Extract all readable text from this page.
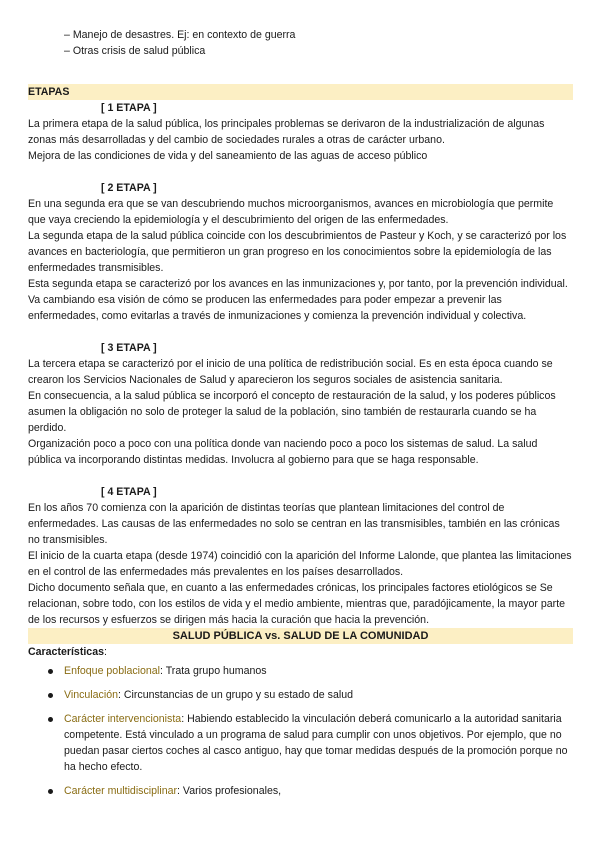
– Manejo de desastres. Ej: en contexto de guerra
– Otras crisis de salud pública
ETAPAS
[ 1 ETAPA ]

La primera etapa de la salud pública, los principales problemas se derivaron de la industrialización de algunas zonas más desarrolladas y del cambio de sociedades rurales a otras de carácter urbano.

Mejora de las condiciones de vida y del saneamiento de las aguas de acceso público

[ 2 ETAPA ]

En una segunda era que se van descubriendo muchos microorganismos, avances en microbiología que permite que vaya creciendo la epidemiología y el descubrimiento del origen de las enfermedades.

La segunda etapa de la salud pública coincide con los descubrimientos de Pasteur y Koch, y se caracterizó por los avances en bacteriología, que permitieron un gran progreso en los conocimientos sobre la epidemiología de las enfermedades transmisibles.

Esta segunda etapa se caracterizó por los avances en las inmunizaciones y, por tanto, por la prevención individual.

Va cambiando esa visión de cómo se producen las enfermedades para poder empezar a prevenir las enfermedades, como evitarlas a través de inmunizaciones y comienza la prevención individual y colectiva.

[ 3 ETAPA ]

La tercera etapa se caracterizó por el inicio de una política de redistribución social. Es en esta época cuando se crearon los Servicios Nacionales de Salud y aparecieron los seguros sociales de asistencia sanitaria.

En consecuencia, a la salud pública se incorporó el concepto de restauración de la salud, y los poderes públicos asumen la obligación no solo de proteger la salud de la población, sino también de restaurarla cuando se ha perdido.

Organización poco a poco con una política donde van naciendo poco a poco los sistemas de salud. La salud pública va incorporando distintas medidas. Involucra al gobierno para que se haga responsable.

[ 4 ETAPA ]

En los años 70 comienza con la aparición de distintas teorías que plantean limitaciones del control de enfermedades. Las causas de las enfermedades no solo se centran en las transmisibles, también en las crónicas no transmisibles.

El inicio de la cuarta etapa (desde 1974) coincidió con la aparición del Informe Lalonde, que plantea las limitaciones en el control de las enfermedades más prevalentes en los países desarrollados.

Dicho documento señala que, en cuanto a las enfermedades crónicas, los principales factores etiológicos se Se relacionan, sobre todo, con los estilos de vida y el medio ambiente, mientras que, paradójicamente, la mayor parte de los recursos y esfuerzos se dirigen más hacia la curación que hacia la prevención.

SALUD PÚBLICA vs. SALUD DE LA COMUNIDAD
Características:
Enfoque poblacional: Trata grupo humanos
Vinculación: Circunstancias de un grupo y su estado de salud
Carácter intervencionista: Habiendo establecido la vinculación deberá comunicarlo a la autoridad sanitaria competente. Está vinculado a un programa de salud para cumplir con unos objetivos. Por ejemplo, que no puedan pasar ciertos coches al casco antiguo, hay que tomar medidas después de la promoción porque no ha hecho efecto.
Carácter multidisciplinar: Varios profesionales,
